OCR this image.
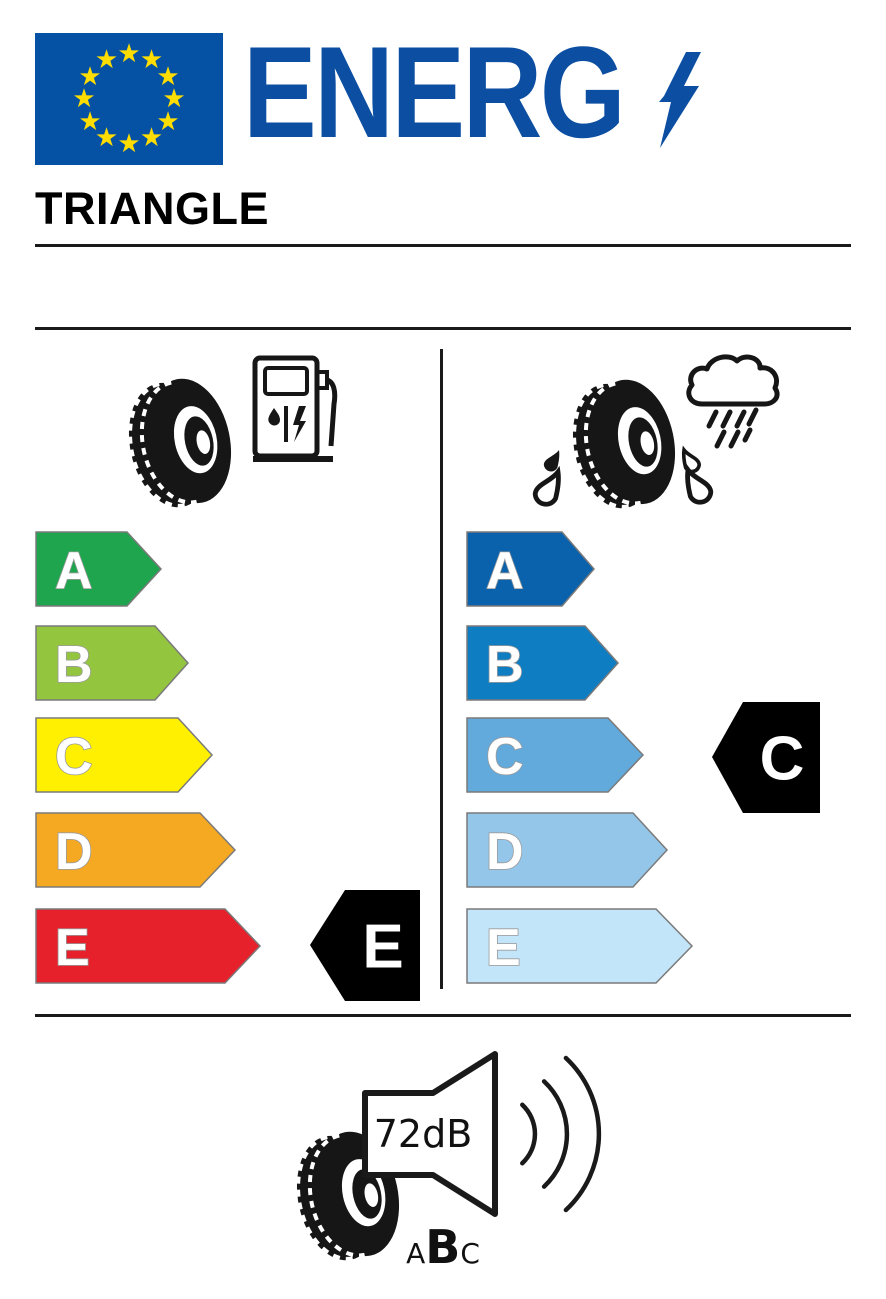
★ ★
★
★
★
★
★
★
★
★
★
★ ENERG
TRIANGLE
A
B
C
D
E
A
B
C
D
E
E
C
72dB
ABC
